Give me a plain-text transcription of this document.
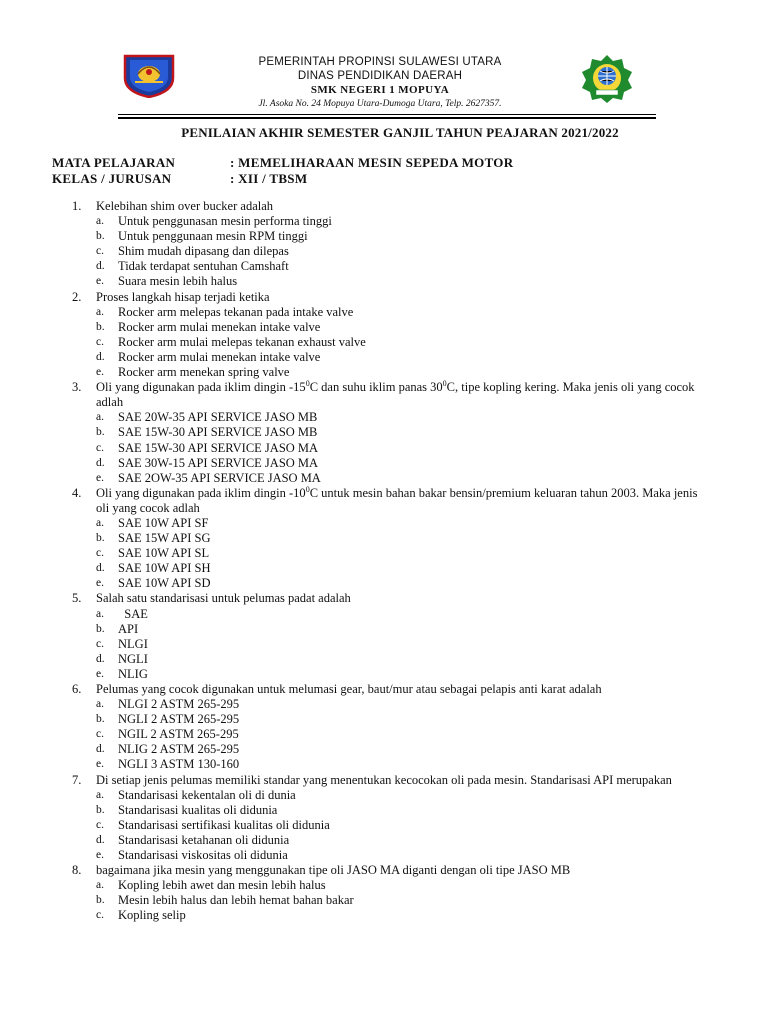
PEMERINTAH PROPINSI SULAWESI UTARA
DINAS PENDIDIKAN DAERAH
SMK NEGERI 1 MOPUYA
Jl. Asoka No. 24 Mopuya Utara-Dumoga Utara, Telp. 2627357.
PENILAIAN AKHIR SEMESTER GANJIL TAHUN PEAJARAN 2021/2022
MATA PELAJARAN	: MEMELIHARAAN MESIN SEPEDA MOTOR
KELAS / JURUSAN	: XII / TBSM
1. Kelebihan shim over bucker adalah
a. Untuk penggunasan mesin performa tinggi
b. Untuk penggunaan mesin RPM tinggi
c. Shim mudah dipasang dan dilepas
d. Tidak terdapat sentuhan Camshaft
e. Suara mesin lebih halus
2. Proses langkah hisap terjadi ketika
a. Rocker arm melepas tekanan pada intake valve
b. Rocker arm mulai menekan intake valve
c. Rocker arm mulai melepas tekanan exhaust valve
d. Rocker arm mulai menekan intake valve
e. Rocker arm menekan spring valve
3. Oli yang digunakan pada iklim dingin $-15^0C$ dan suhu iklim panas $30^0C$, tipe kopling kering. Maka jenis oli yang cocok adlah
a. SAE 20W-35 API SERVICE JASO MB
b. SAE 15W-30 API SERVICE JASO MB
c. SAE 15W-30 API SERVICE JASO MA
d. SAE 30W-15 API SERVICE JASO MA
e. SAE 2OW-35 API SERVICE JASO MA
4. Oli yang digunakan pada iklim dingin $-10^0C$ untuk mesin bahan bakar bensin/premium keluaran tahun 2003. Maka jenis oli yang cocok adlah
a. SAE 10W API SF
b. SAE 15W API SG
c. SAE 10W API SL
d. SAE 10W API SH
e. SAE 10W API SD
5. Salah satu standarisasi untuk pelumas padat adalah
a. SAE
b. API
c. NLGI
d. NGLI
e. NLIG
6. Pelumas yang cocok digunakan untuk melumasi gear, baut/mur atau sebagai pelapis anti karat adalah
a. NLGI 2 ASTM 265-295
b. NGLI 2 ASTM 265-295
c. NGIL 2 ASTM 265-295
d. NLIG 2 ASTM 265-295
e. NGLI 3 ASTM 130-160
7. Di setiap jenis pelumas memiliki standar yang menentukan kecocokan oli pada mesin. Standarisasi API merupakan
a. Standarisasi kekentalan oli di dunia
b. Standarisasi kualitas oli didunia
c. Standarisasi sertifikasi kualitas oli didunia
d. Standarisasi ketahanan oli didunia
e. Standarisasi viskositas oli didunia
8. bagaimana jika mesin yang menggunakan tipe oli JASO MA diganti dengan oli tipe JASO MB
a. Kopling lebih awet dan mesin lebih halus
b. Mesin lebih halus dan lebih hemat bahan bakar
c. Kopling selip
